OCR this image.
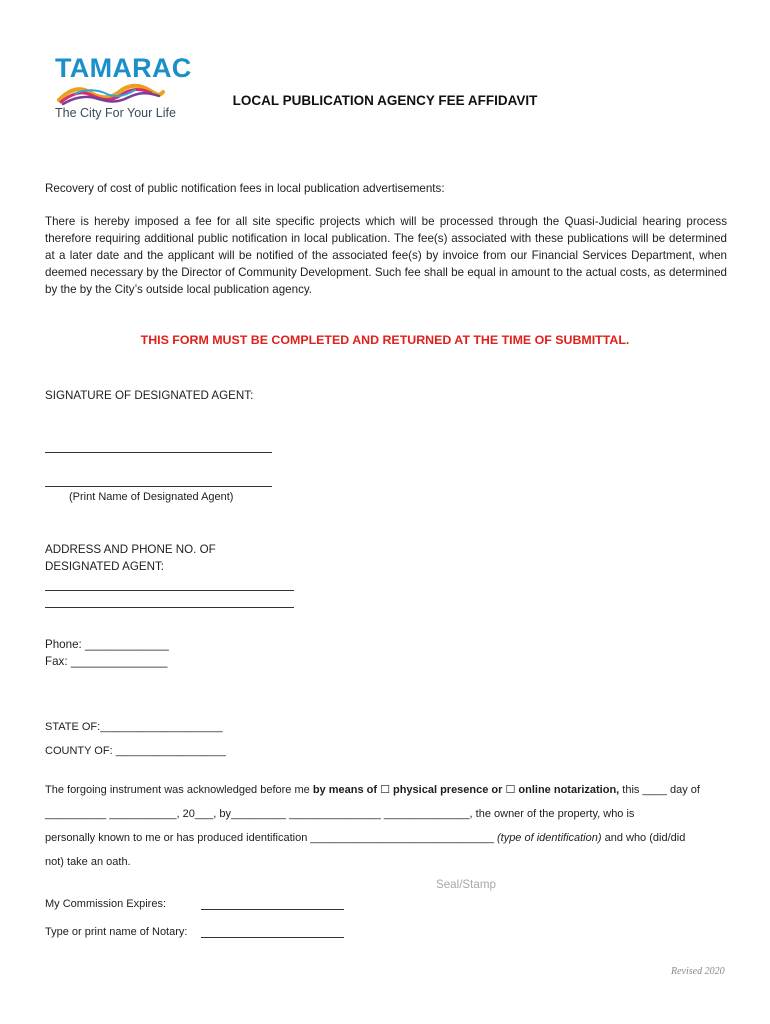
TAMARAC
The City For Your Life
LOCAL PUBLICATION AGENCY FEE AFFIDAVIT
Recovery of cost of public notification fees in local publication advertisements:
There is hereby imposed a fee for all site specific projects which will be processed through the Quasi-Judicial hearing process therefore requiring additional public notification in local publication. The fee(s) associated with these publications will be determined at a later date and the applicant will be notified of the associated fee(s) by invoice from our Financial Services Department, when deemed necessary by the Director of Community Development. Such fee shall be equal in amount to the actual costs, as determined by the by the City’s outside local publication agency.
THIS FORM MUST BE COMPLETED AND RETURNED AT THE TIME OF SUBMITTAL.
SIGNATURE OF DESIGNATED AGENT:
(Print Name of Designated Agent)
ADDRESS AND PHONE NO. OF
DESIGNATED AGENT:
Phone: _____________
Fax: _______________
STATE OF:____________________
COUNTY OF: __________________
The forgoing instrument was acknowledged before me by means of ☐ physical presence or ☐ online notarization, this ____ day of
__________ ___________, 20___, by_________ _______________ ______________, the owner of the property, who is
personally known to me or has produced identification ______________________________ (type of identification) and who (did/did
not) take an oath.
Seal/Stamp
My Commission Expires:
Type or print name of Notary:
Revised 2020
